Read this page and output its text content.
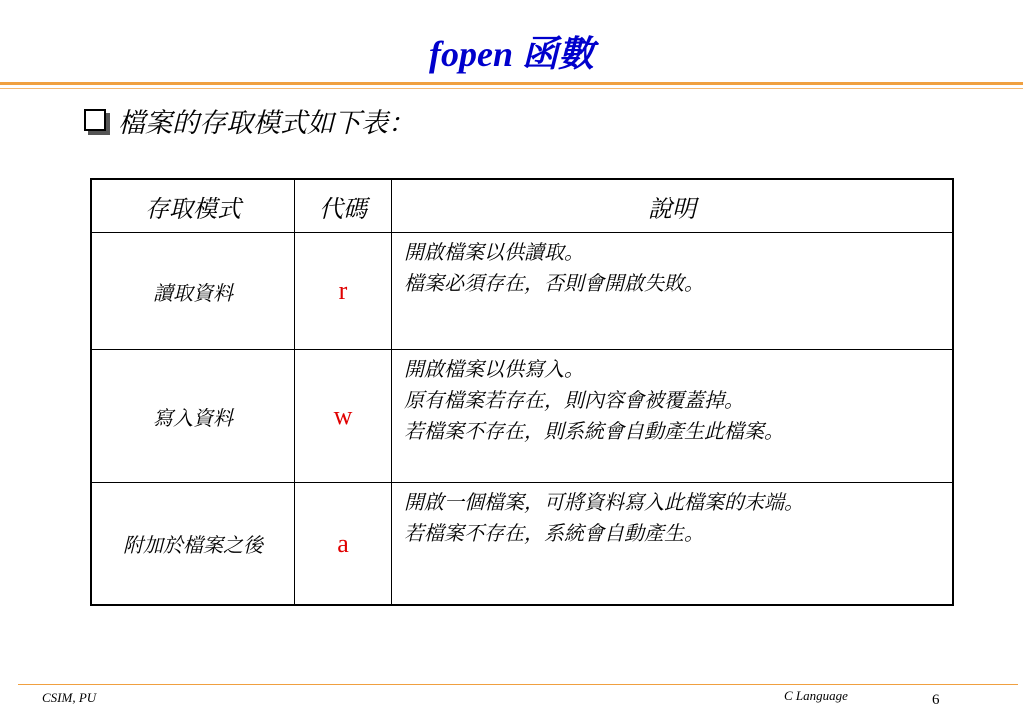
fopen 函數
檔案的存取模式如下表：
存取模式	代碼	說明
讀取資料	r	開啟檔案以供讀取。
檔案必須存在，否則會開啟失敗。

寫入資料	w	開啟檔案以供寫入。
原有檔案若存在，則內容會被覆蓋掉。
若檔案不存在，則系統會自動產生此檔案。

附加於檔案之後	a	開啟一個檔案，可將資料寫入此檔案的末端。
若檔案不存在，系統會自動產生。
CSIM, PU	C Language	6
